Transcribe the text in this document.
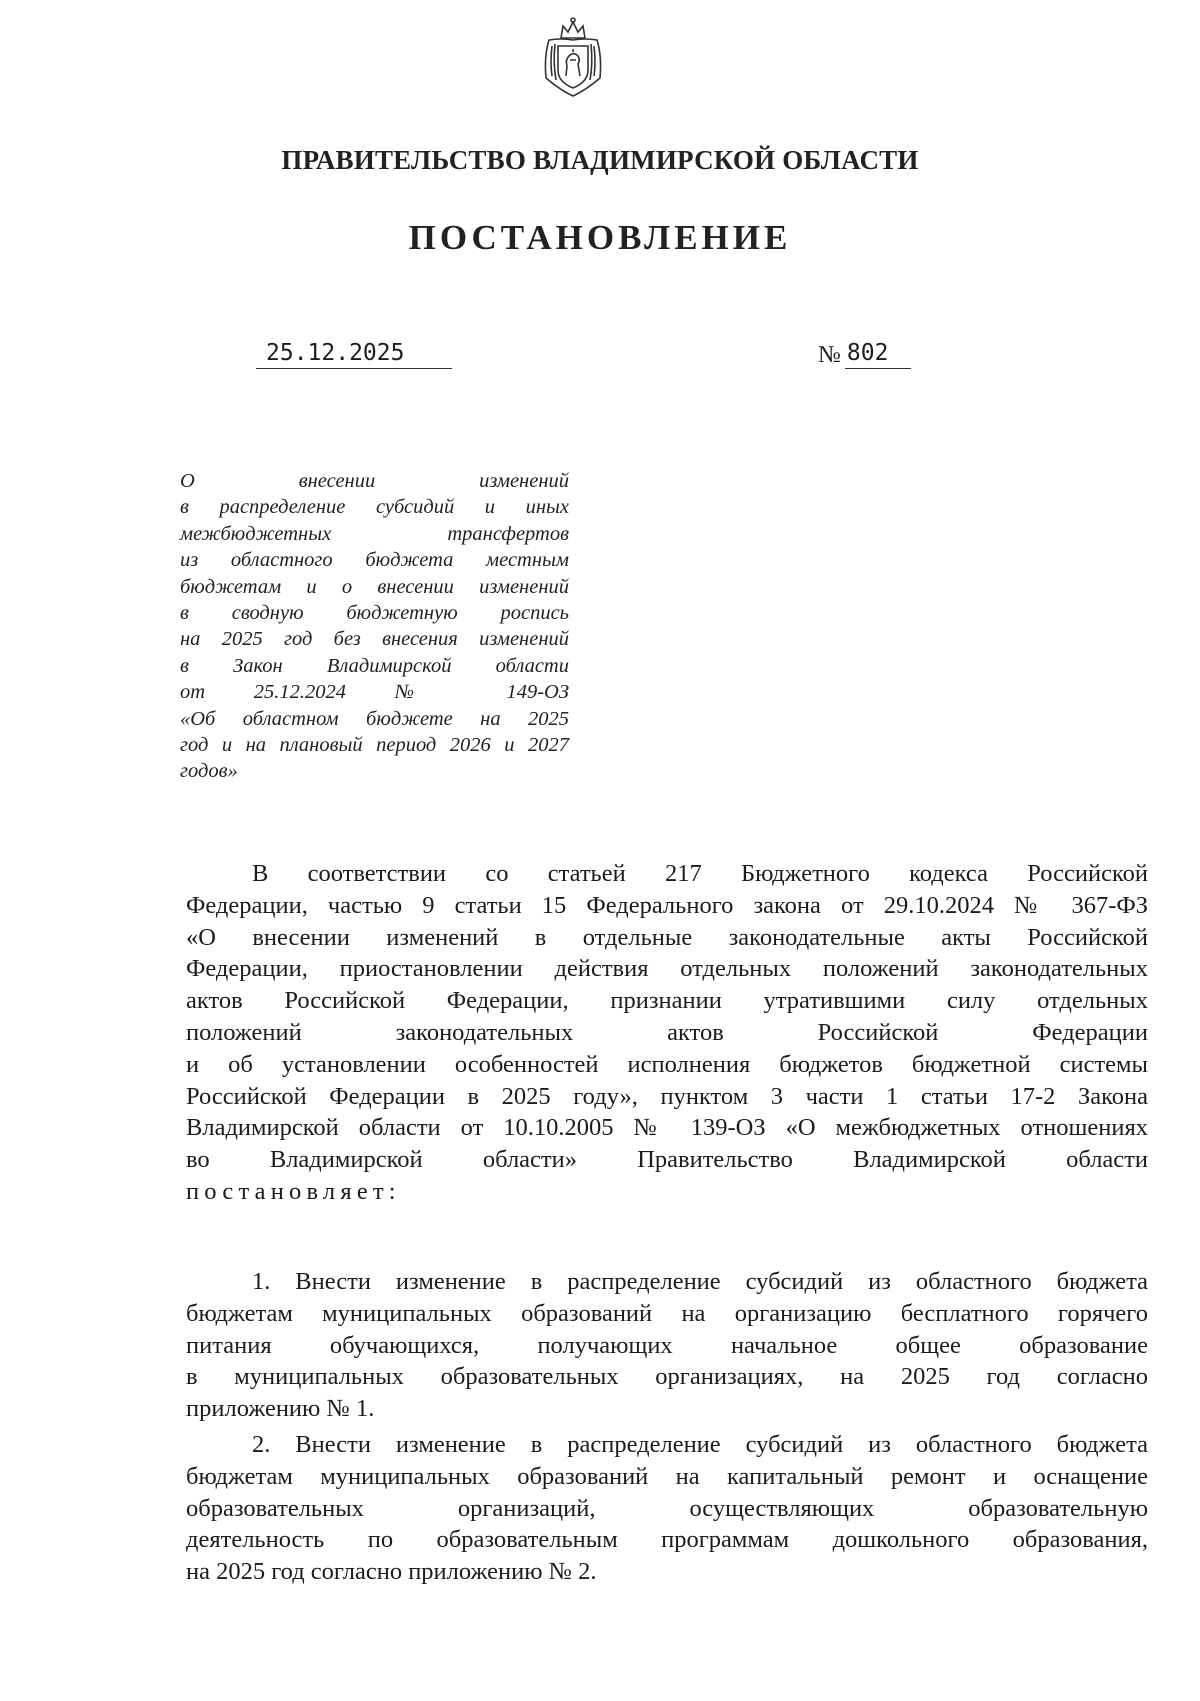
ПРАВИТЕЛЬСТВО ВЛАДИМИРСКОЙ ОБЛАСТИ
ПОСТАНОВЛЕНИЕ
25.12.2025	№ 802
О внесении изменений
в распределение субсидий и иных
межбюджетных трансфертов
из областного бюджета местным
бюджетам и о внесении изменений
в сводную бюджетную роспись
на 2025 год без внесения изменений
в Закон Владимирской области
от 25.12.2024 № 149-ОЗ
«Об областном бюджете на 2025
год и на плановый период 2026 и 2027
годов»
В соответствии со статьей 217 Бюджетного кодекса Российской
Федерации, частью 9 статьи 15 Федерального закона от 29.10.2024 № 367-ФЗ
«О внесении изменений в отдельные законодательные акты Российской
Федерации, приостановлении действия отдельных положений законодательных
актов Российской Федерации, признании утратившими силу отдельных
положений законодательных актов Российской Федерации
и об установлении особенностей исполнения бюджетов бюджетной системы
Российской Федерации в 2025 году», пунктом 3 части 1 статьи 17-2 Закона
Владимирской области от 10.10.2005 № 139-ОЗ «О межбюджетных отношениях
во Владимирской области» Правительство Владимирской области
постановляет:
1. Внести изменение в распределение субсидий из областного бюджета
бюджетам муниципальных образований на организацию бесплатного горячего
питания обучающихся, получающих начальное общее образование
в муниципальных образовательных организациях, на 2025 год согласно
приложению № 1.
2. Внести изменение в распределение субсидий из областного бюджета
бюджетам муниципальных образований на капитальный ремонт и оснащение
образовательных организаций, осуществляющих образовательную
деятельность по образовательным программам дошкольного образования,
на 2025 год согласно приложению № 2.
